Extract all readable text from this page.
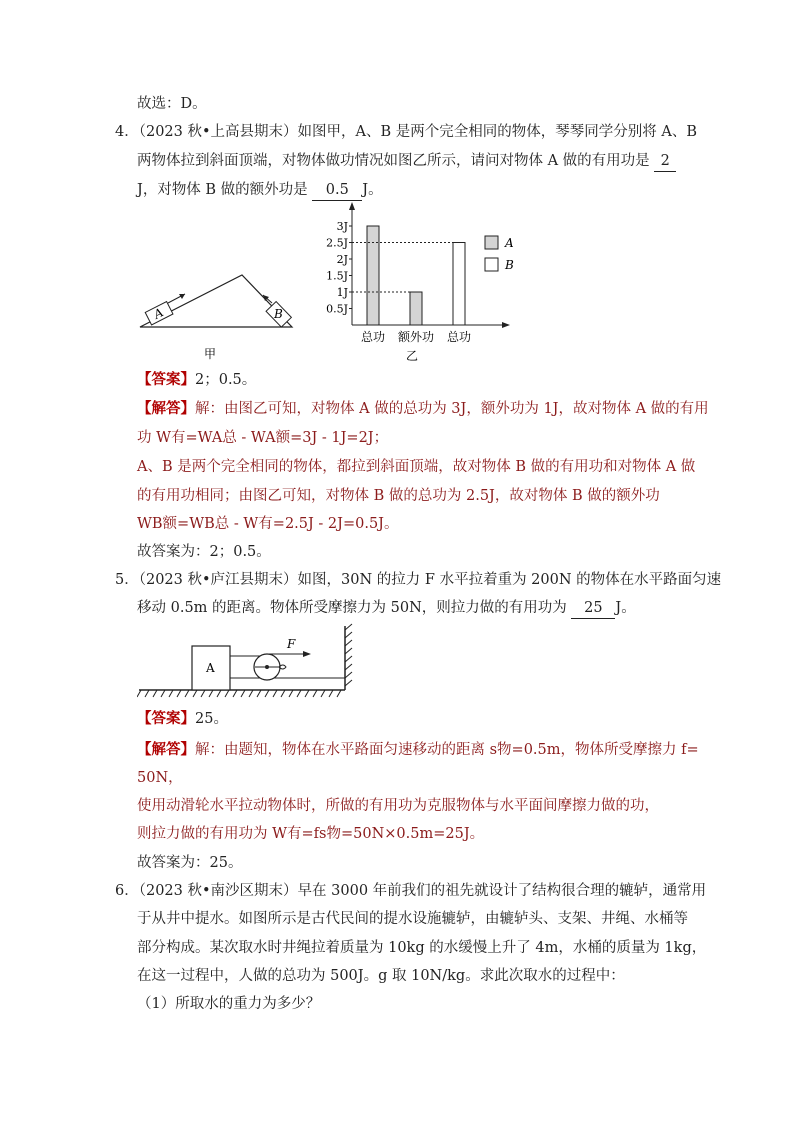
故选：D。
4．（2023 秋•上高县期末）如图甲，A、B 是两个完全相同的物体，琴琴同学分别将 A、B
两物体拉到斜面顶端，对物体做功情况如图乙所示，请问对物体 A 做的有用功是 2
J，对物体 B 做的额外功是 0.5 J。
A	B
甲
3J
2.5J
2J
1.5J
1J
0.5J
总功 额外功 总功
A
B
乙
【答案】2；0.5。
【解答】解：由图乙可知，对物体 A 做的总功为 3J，额外功为 1J，故对物体 A 做的有用
功 W有=WA总 - WA额=3J - 1J=2J；
A、B 是两个完全相同的物体，都拉到斜面顶端，故对物体 B 做的有用功和对物体 A 做
的有用功相同；由图乙可知，对物体 B 做的总功为 2.5J，故对物体 B 做的额外功
WB额=WB总 - W有=2.5J - 2J=0.5J。
故答案为：2；0.5。
5．（2023 秋•庐江县期末）如图，30N 的拉力 F 水平拉着重为 200N 的物体在水平路面匀速
移动 0.5m 的距离。物体所受摩擦力为 50N，则拉力做的有用功为 25 J。
A
F
【答案】25。
【解答】解：由题知，物体在水平路面匀速移动的距离 s物=0.5m，物体所受摩擦力 f=
50N，
使用动滑轮水平拉动物体时，所做的有用功为克服物体与水平面间摩擦力做的功，
则拉力做的有用功为 W有=fs物=50N×0.5m=25J。
故答案为：25。
6．（2023 秋•南沙区期末）早在 3000 年前我们的祖先就设计了结构很合理的辘轳，通常用
于从井中提水。如图所示是古代民间的提水设施辘轳，由辘轳头、支架、井绳、水桶等
部分构成。某次取水时井绳拉着质量为 10kg 的水缓慢上升了 4m，水桶的质量为 1kg，
在这一过程中，人做的总功为 500J。g 取 10N/kg。求此次取水的过程中：
（1）所取水的重力为多少？
